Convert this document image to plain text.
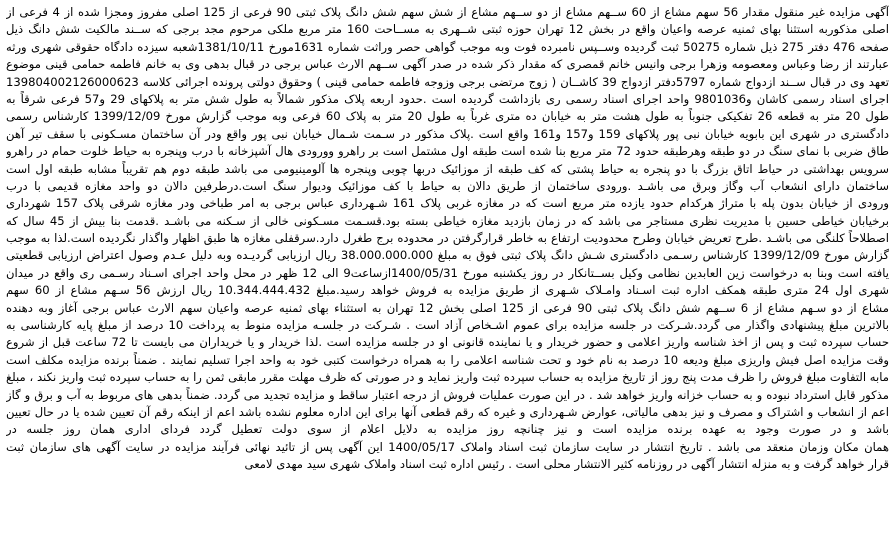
آگهی مزایده غیر منقول مقدار 56 سهم مشاع از 60 ســهم مشاع از دو ســهم مشاع از شش سهم شش دانگ پلاک ثبتی 90 فرعی از 125 اصلی مفروز ومجزا شده از 4 فرعی از
اصلی مذکوربه استثنا بهای ثمنیه عرصه واعیان واقع در بخش 12 تهران حوزه ثبتی شــهری به مســاحت 160 متر مربع ملکی مرحوم مجد برجی که ســند مالکیت شش دانگ ذیل
صفحه 476 دفتر 275 ذیل شماره 50275 ثبت گردیده وســپس نامبرده فوت وبه موجب گواهی حصر وراثت شماره 1631مورخ 1381/10/11شعبه سیزده دادگاه حقوقی شهری ورثه
عبارتند از رضا وعباس ومعصومه وزهرا برجی وانیس خانم قمصری که مقدار ذکر شده در صدر آگهی ســهم الارث عباس برجی در قبال بدهی وی به خانم فاطمه حمامی قینی موضوع
تعهد وی در قبال ســند ازدواج شماره 5797دفتر ازدواج 39 کاشــان ( زوج مرتضی برجی وزوجه فاطمه حمامی قینی ) وحقوق دولتی پرونده اجرائی کلاسه 139804002126000623
اجرای اسناد رسمی کاشان و9801036 واحد اجرای اسناد رسمی ری بازداشت گردیده است .حدود اربعه پلاک مذکور شمالاً به طول شش متر به پلاکهای 29 و57 فرعی شرقاً به
طول 20 متر به قطعه 26 تفکیکی جنوباً به طول هشت متر به خیابان ده متری غرباً به طول 20 متر به پلاک 60 فرعی وبه موجب گزارش مورخ 1399/12/09 کارشناس رسمی
دادگستری در شهری این بابویه خیابان نبی پور پلاکهای 159 و157 و161 واقع است .پلاک مذکور در سـمت شـمال خیابان نبی پور واقع ودر آن ساختمان مسـکونی با سقف تیر آهن
طاق ضربی با نمای سنگ در دو طبقه وهرطبقه حدود 72 متر مربع بنا شده است طبقه اول مشتمل است بر راهرو وورودی هال آشپزخانه با درب وپنجره به حیاط خلوت حمام در راهرو
سرویس بهداشتی در حیاط اتاق بزرگ با دو پنجره به حیاط پشتی که کف طبقه از موزائیک دربها چوبی وپنجره ها آلومینیومی می باشد طبقه دوم هم تقریباً مشابه طبقه اول است
ساختمان دارای انشعاب آب وگاز وبرق می باشـد .ورودی ساختمان از طریق دالان به حیاط با کف موزائیک ودیوار سنگ است.درطرفین دالان دو واحد مغازه قدیمی با درب
ورودی از خیابان بدون پله با متراژ هرکدام حدود یازده متر مربع است که در مغازه غربی پلاک 161 شـهرداری عباس برجی به امر طباخی ودر مغازه شرقی پلاک 157 شهرداری
برخیابان خیاطی حسین با مدیریت نظری مستاجر می باشد که در زمان بازدید مغازه خیاطی بسته بود.قسـمت مسـکونی خالی از سـکنه می باشـد .قدمت بنا بیش از 45 سال که
اصطلاحاً کلنگی می باشـد .طرح تعریض خیابان وطرح محدودیت ارتفاع به خاطر قرارگرفتن در محدوده برج طغرل دارد.سرقفلی مغازه ها طبق اظهار واگذار نگردیده است.لذا به موجب
گزارش مورخ 1399/12/09 کارشناس رسـمی دادگستری شـش دانگ پلاک ثبتی فوق به مبلغ 38.000.000.000 ریال ارزیابی گردیـده وبه دلیل عـدم وصول اعتراض ارزیابی قطعیتی
یافته است وبنا به درخواست زین العابدین نظامی وکیل بســتانکار در روز یکشنبه مورخ 1400/05/31ازساعت9 الی 12 ظهر در محل واحد اجرای اسـناد رسـمی ری واقع در میدان
شهری اول 24 متری طبقه همکف اداره ثبت اسـناد وامـلاک شـهری از طریق مزایده به فروش خواهد رسید.مبلغ 10.344.444.432 ریال ارزش 56 سـهم مشاع از 60 سهم
مشاع از دو سـهم مشاع از 6 ســهم شش دانگ پلاک ثبتی 90 فرعی از 125 اصلی بخش 12 تهران به استثناء بهای ثمنیه عرصه واعیان سهم الارث عباس برجی آغاز وبه دهنده
بالاترین مبلغ پیشنهادی واگذار می گردد.شـرکت در جلسه مزایده برای عموم اشـخاص آزاد است . شـرکت در جلسـه مزایده منوط به پرداخت 10 درصد از مبلغ پایه کارشناسی به
حساب سپرده ثبت و پس از اخذ شناسه واریز اعلامی و حضور خریدار و یا نماینده قانونی او در جلسه مزایده است .لذا خریدار و یا خریداران می بایست تا 72 ساعت قبل از شروع
وقت مزایده اصل فیش واریزی مبلغ ودیعه 10 درصد به نام خود و تحت شناسه اعلامی را به همراه درخواست کتبی خود به واحد اجرا تسلیم نمایند . ضمناً برنده مزایده مکلف است
مابه التفاوت مبلغ فروش را ظرف مدت پنج روز از تاریخ مزایده به حساب سپرده ثبت واریز نماید و در صورتی که ظرف مهلت مقرر مابقی ثمن را به حساب سپرده ثبت واریز نکند ، مبلغ
مذکور قابل استرداد نبوده و به حساب خزانه واریز خواهد شد . در این صورت عملیات فروش از درجه اعتبار ساقط و مزایده تجدید می گردد. ضمناً بدهی های مربوط به آب و برق و گاز
اعم از انشعاب و اشتراک و مصرف و نیز بدهی مالیاتی، عوارض شـهرداری و غیره که رقم قطعی آنها برای این اداره معلوم نشده باشد اعم از اینکه رقم آن تعیین شده یا در حال تعیین
باشد و در صورت وجود به عهده برنده مزایده است و نیز چنانچه روز مزایده به دلایل اعلام از سوی دولت تعطیل گردد فردای اداری همان روز جلسه در
همان مکان وزمان منعقد می باشد . تاریخ انتشار در سایت سازمان ثبت اسناد واملاک 1400/05/17 این آگهی پس از تائید نهائی فرآیند مزایده در سایت آگهی های سازمان ثبت
قرار خواهد گرفت و به منزله انتشار آگهی در روزنامه کثیر الانتشار محلی است . رئیس اداره ثبت اسناد واملاک شهری سید مهدی لامعی
